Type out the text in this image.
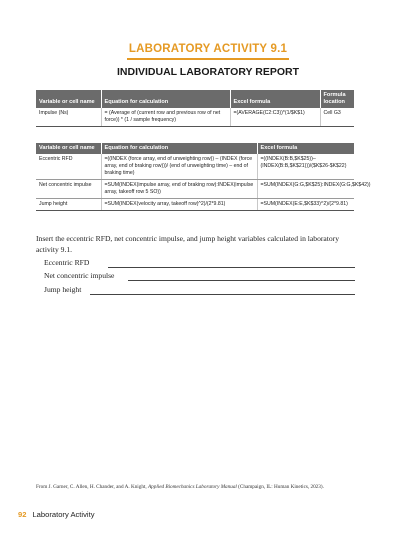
LABORATORY ACTIVITY 9.1
INDIVIDUAL LABORATORY REPORT
Variable or cell name	Equation for calculation	Excel formula	Formula location
Impulse (Ns)	= (Average of (current row and previous row of net force)) * (1 / sample frequency)	=(AVERAGE(C2:C3))*(1/$K$1)	Cell G3
Variable or cell name	Equation for calculation	Excel formula
Eccentric RFD	=((INDEX (force array, end of unweighting row)) – (INDEX (force array, end of braking row)))/ (end of unweighting time) – end of braking time)	=((INDEX(B:B,$K$25))–(INDEX(B:B,$K$21)))/($K$26-$K$22)
Net concentric impulse	=SUM(INDEX(impulse array, end of braking row):INDEX(impulse array, takeoff row 5 SO))	=SUM(INDEX(G:G,$K$25):INDEX(G:G,$K$42))
Jump height	=SUM(INDEX(velocity array, takeoff row)^2)/(2*9.81)	=SUM(INDEX(E:E,$K$33)^2)/(2*9.81)
Insert the eccentric RFD, net concentric impulse, and jump height variables calculated in laboratory activity 9.1.
Eccentric RFD
Net concentric impulse
Jump height
From J. Garner, C. Allen, H. Chander, and A. Knight, Applied Biomechanics Laboratory Manual (Champaign, IL: Human Kinetics, 2023).
92 Laboratory Activity
